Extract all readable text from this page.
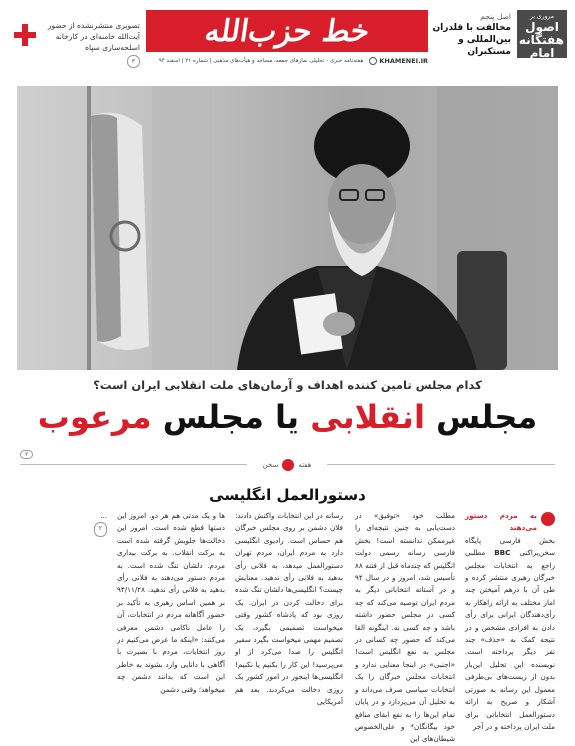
مروری بر
اصول
هفتگانه
امام
اصل پنجم
مخالفت با قلدران
بین‌المللی و مستکبران
خط حزب‌الله
KHAMENEI.IR
هفته‌نامه خبری - تحلیلی نمازهای جمعه، مساجد و هیأت‌های مذهبی | شماره ۲۱ | اسفند ۹۴
تصویری منتشرنشده از حضور آیت‌الله خامنه‌ای در کارخانه اسلحه‌سازی سپاه
۳
کدام مجلس تامین کننده اهداف و آرمان‌های ملت انقلابی ایران است؟
مجلس انقلابی یا مجلس مرعوب
۲
هفته
سخن
دستورالعمل انگلیسی
به مردم دستور می‌دهند
بخش فارسی پایگاه سخن‌پراکنی BBC مطلبی راجع به انتخابات مجلس خبرگان رهبری منتشر کرده و طی آن با درهم آمیختن چند امار مختلف به ارائه راهکار به رأی‌دهندگان ایرانی برای رأی دادن به افرادی مشخص و در نتیجه کمک به «حذف» چند نفر دیگر پرداخته است. نویسنده این تحلیل این‌بار بدون از زیست‌های بی‌طرفی معمول این رسانه به صورتی آشکار و صریح به ارائه دستورالعمل انتخاباتی برای ملت ایران پرداخته و در آخر
مطلب خود «توفیق» در دست‌یابی به چنین نتیجه‌ای را غیرممکن ندانسته است! بخش فارسی رسانه رسمی دولت انگلیس که چندماه قبل از فتنه ۸۸ تأسیس شد، امروز و در سال ۹۴ و در آستانه انتخاباتی دیگر به مردم ایران توصیه می‌کند که چه کسی در مجلس حضور داشته باشد و چه کسی نه. اینگونه القا می‌کند که حضور چه کسانی در مجلس به نفع انگلیس است! «اجنبی» در اینجا معنایی ندارد و انتخابات مجلس خبرگان را یک انتخابات سیاسی صرف می‌داند و به تحلیل آن می‌پردازد و در پایان تمام این‌ها را به نفع ابقای منافع خود بیگانگان* و علی‌الخصوص شیطان‌های این
رسانه در این انتخابات واکنش دادند: فلان دشمن بر روی مجلس خبرگان هم حساس است. رادیوی انگلیسی دارد به مردم ایران، مردم تهران دستورالعمل میدهد، به فلانی رأی بدهید به فلانی رأی ندهید. معنایش چیست؟ انگلیسی‌ها دلشان تنگ شده برای دخالت کردن در ایران. یک روزی بود که پادشاه کشور وقتی میخواست تصمیمی بگیرد، یک تصمیم مهمی میخواست بگیرد سفیر انگلیس را صدا می‌کرد از او می‌پرسید! این کار را بکنیم یا نکنیم! انگلیسی‌ها اینجور در امور کشور یک روزی دخالت می‌کردند. بعد هم آمریکایی
ها و یک مدتی هم هر دو. امروز این دستها قطع شده است. امروز این دخالت‌ها جلویش گرفته شده است به برکت انقلاب. به برکت بیداری مردم. دلشان تنگ شده است. به مردم دستور می‌دهند به فلانی رأی بدهید به فلانی رأی ندهید. ۹۴/۱۱/۲۸ بر همین اساس رهبری به تأکید بر حضور آگاهانه مردم در انتخابات، آن را عامل ناکامی دشمن معرفی می‌کنند: «اینکه ما عرض می‌کنیم در روز انتخابات، مردم با بصیرت با آگاهی با دانایی وارد بشوند به خاطر این است که بدانند دشمن چه میخواهد؛ وقتی دشمن
...
۲
